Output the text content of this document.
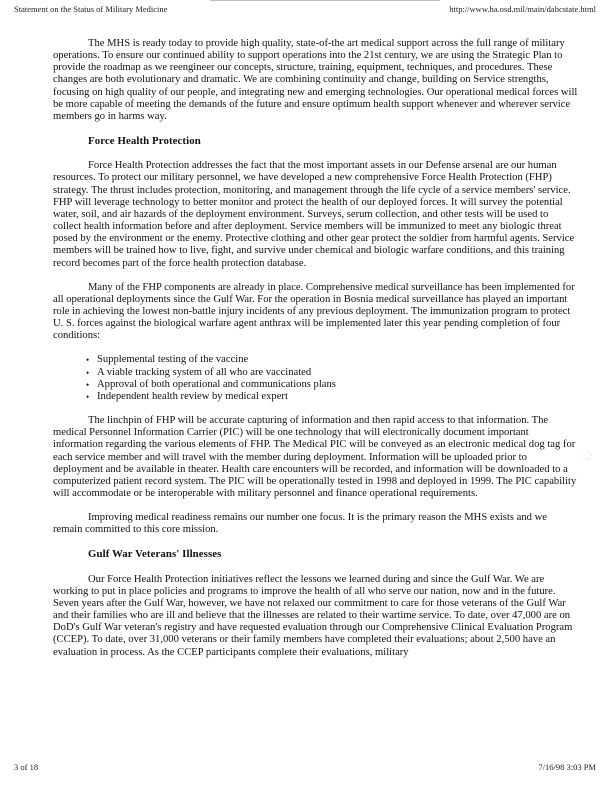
Statement on the Status of Military Medicine	http://www.ha.osd.mil/main/dahcstate.html

The MHS is ready today to provide high quality, state-of-the art medical support across the full range of military operations. To ensure our continued ability to support operations into the 21st century, we are using the Strategic Plan to provide the roadmap as we reengineer our concepts, structure, training, equipment, techniques, and procedures. These changes are both evolutionary and dramatic. We are combining continuity and change, building on Service strengths, focusing on high quality of our people, and integrating new and emerging technologies. Our operational medical forces will be more capable of meeting the demands of the future and ensure optimum health support whenever and wherever service members go in harms way.

Force Health Protection

Force Health Protection addresses the fact that the most important assets in our Defense arsenal are our human resources. To protect our military personnel, we have developed a new comprehensive Force Health Protection (FHP) strategy. The thrust includes protection, monitoring, and management through the life cycle of a service members' service. FHP will leverage technology to better monitor and protect the health of our deployed forces. It will survey the potential water, soil, and air hazards of the deployment environment. Surveys, serum collection, and other tests will be used to collect health information before and after deployment. Service members will be immunized to meet any biologic threat posed by the environment or the enemy. Protective clothing and other gear protect the soldier from harmful agents. Service members will be trained how to live, fight, and survive under chemical and biologic warfare conditions, and this training record becomes part of the force health protection database.

Many of the FHP components are already in place. Comprehensive medical surveillance has been implemented for all operational deployments since the Gulf War. For the operation in Bosnia medical surveillance has played an important role in achieving the lowest non-battle injury incidents of any previous deployment. The immunization program to protect U. S. forces against the biological warfare agent anthrax will be implemented later this year pending completion of four conditions:

• Supplemental testing of the vaccine
• A viable tracking system of all who are vaccinated
• Approval of both operational and communications plans
• Independent health review by medical expert

The linchpin of FHP will be accurate capturing of information and then rapid access to that information. The medical Personnel Information Carrier (PIC) will be one technology that will electronically document important information regarding the various elements of FHP. The Medical PIC will be conveyed as an electronic medical dog tag for each service member and will travel with the member during deployment. Information will be uploaded prior to deployment and be available in theater. Health care encounters will be recorded, and information will be downloaded to a computerized patient record system. The PIC will be operationally tested in 1998 and deployed in 1999. The PIC capability will accommodate or be interoperable with military personnel and finance operational requirements.

Improving medical readiness remains our number one focus. It is the primary reason the MHS exists and we remain committed to this core mission.

Gulf War Veterans' Illnesses

Our Force Health Protection initiatives reflect the lessons we learned during and since the Gulf War. We are working to put in place policies and programs to improve the health of all who serve our nation, now and in the future. Seven years after the Gulf War, however, we have not relaxed our commitment to care for those veterans of the Gulf War and their families who are ill and believe that the illnesses are related to their wartime service. To date, over 47,000 are on DoD's Gulf War veteran's registry and have requested evaluation through our Comprehensive Clinical Evaluation Program (CCEP). To date, over 31,000 veterans or their family members have completed their evaluations; about 2,500 have an evaluation in process. As the CCEP participants complete their evaluations, military

·   · ,
· ·.
3 of 18	7/16/98 3:03 PM
